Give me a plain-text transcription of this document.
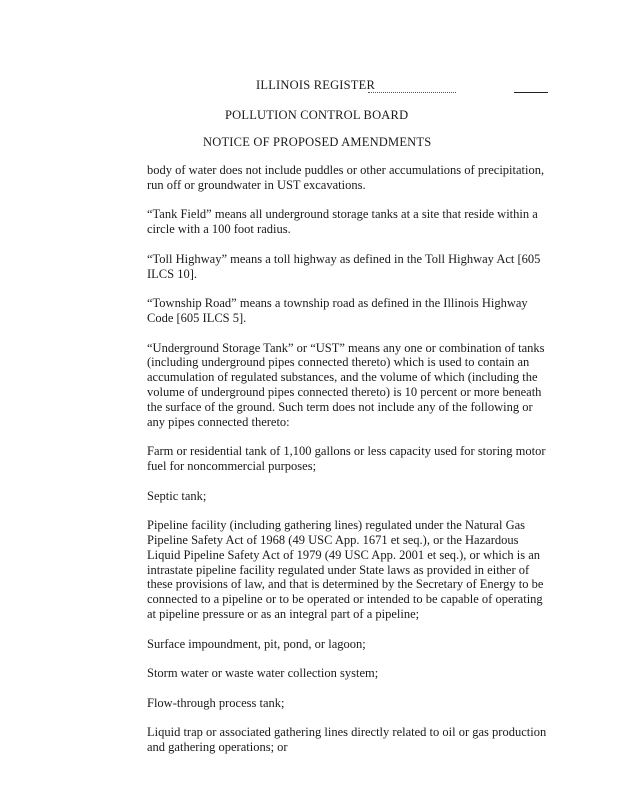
ILLINOIS REGISTER
POLLUTION CONTROL BOARD
NOTICE OF PROPOSED AMENDMENTS

body of water does not include puddles or other accumulations of precipitation, run off or groundwater in UST excavations.

“Tank Field” means all underground storage tanks at a site that reside within a circle with a 100 foot radius.

“Toll Highway” means a toll highway as defined in the Toll Highway Act [605 ILCS 10].

“Township Road” means a township road as defined in the Illinois Highway Code [605 ILCS 5].

“Underground Storage Tank” or “UST” means any one or combination of tanks (including underground pipes connected thereto) which is used to contain an accumulation of regulated substances, and the volume of which (including the volume of underground pipes connected thereto) is 10 percent or more beneath the surface of the ground. Such term does not include any of the following or any pipes connected thereto:

Farm or residential tank of 1,100 gallons or less capacity used for storing motor fuel for noncommercial purposes;

Septic tank;

Pipeline facility (including gathering lines) regulated under the Natural Gas Pipeline Safety Act of 1968 (49 USC App. 1671 et seq.), or the Hazardous Liquid Pipeline Safety Act of 1979 (49 USC App. 2001 et seq.), or which is an intrastate pipeline facility regulated under State laws as provided in either of these provisions of law, and that is determined by the Secretary of Energy to be connected to a pipeline or to be operated or intended to be capable of operating at pipeline pressure or as an integral part of a pipeline;

Surface impoundment, pit, pond, or lagoon;

Storm water or waste water collection system;

Flow-through process tank;

Liquid trap or associated gathering lines directly related to oil or gas production and gathering operations; or
